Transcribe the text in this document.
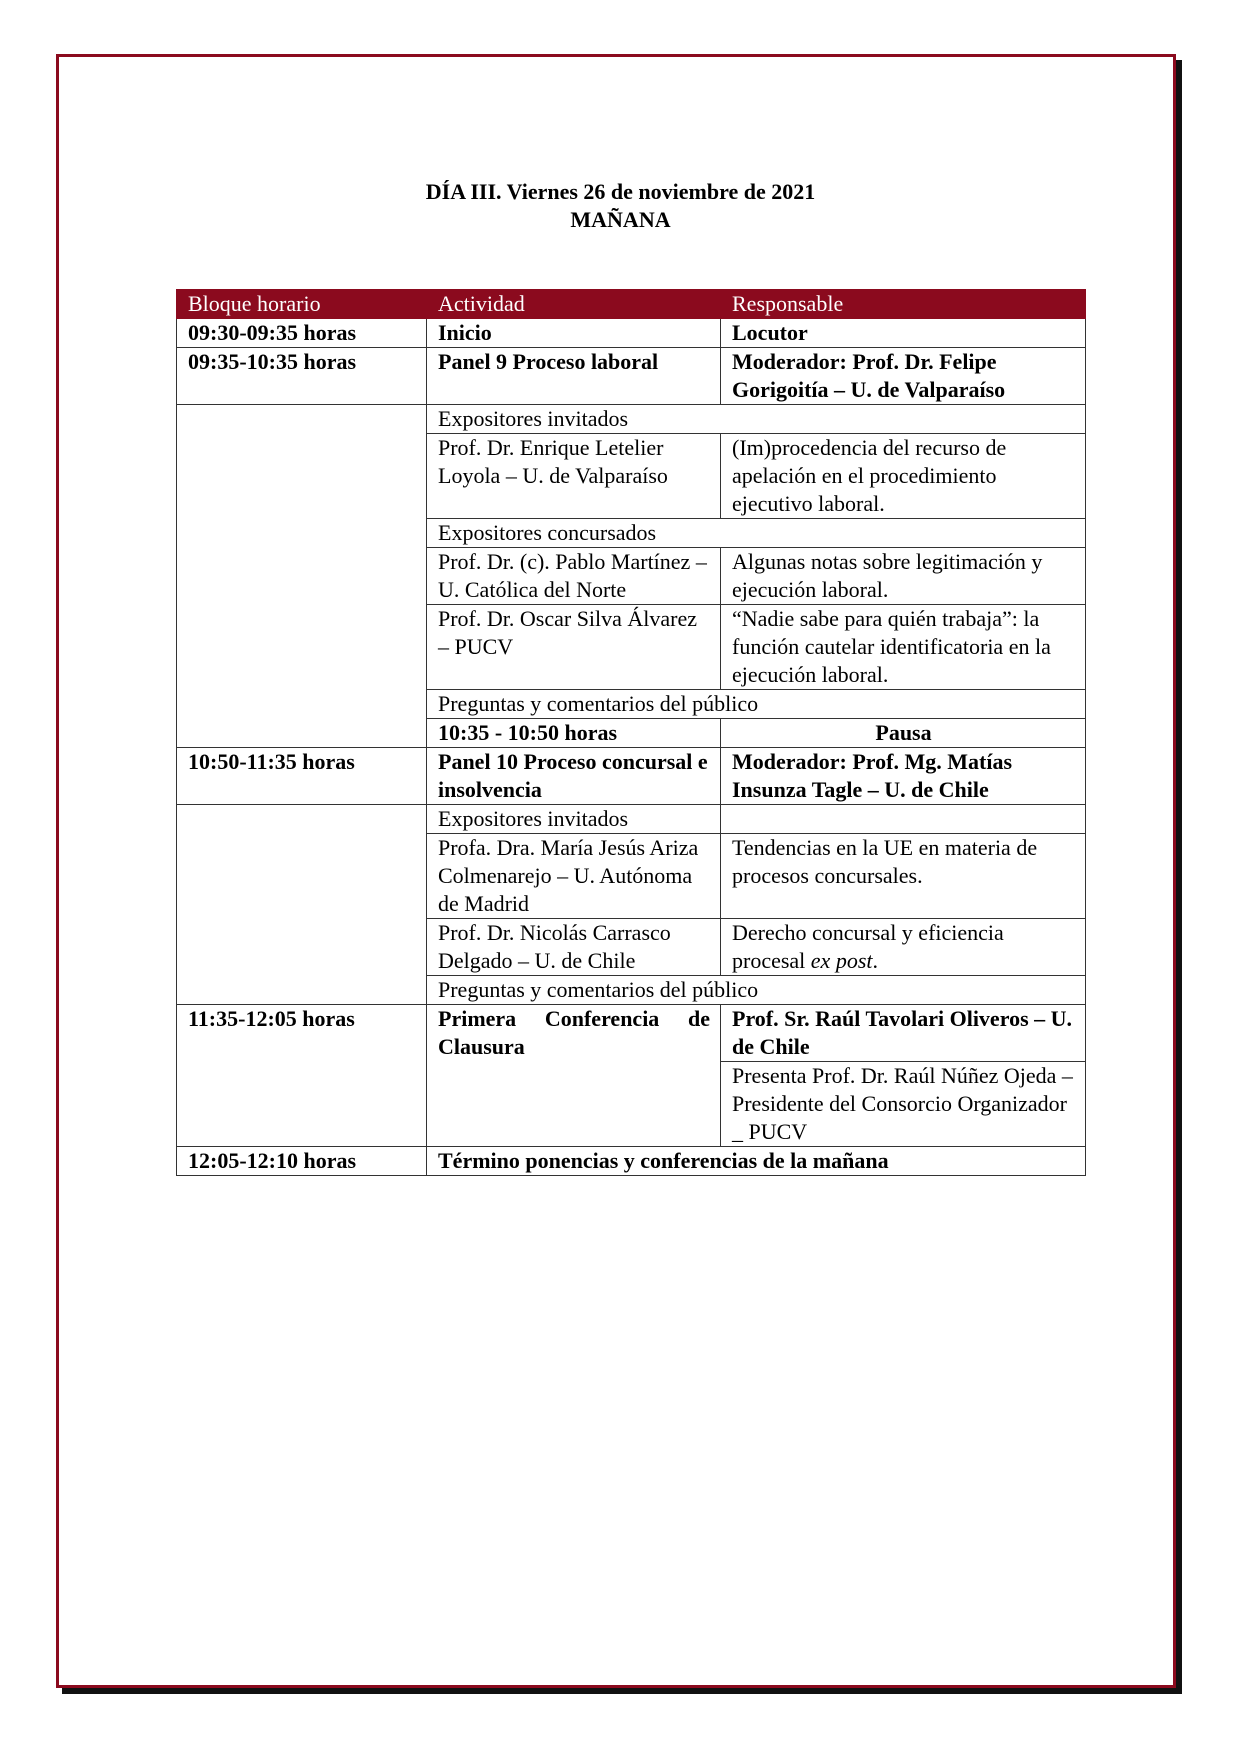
DÍA III. Viernes 26 de noviembre de 2021
MAÑANA
Bloque horario	Actividad	Responsable
09:30-09:35 horas	Inicio	Locutor
09:35-10:35 horas	Panel 9 Proceso laboral	Moderador: Prof. Dr. Felipe Gorigoitía – U. de Valparaíso
	Expositores invitados	
	Prof. Dr. Enrique Letelier Loyola – U. de Valparaíso	(Im)procedencia del recurso de apelación en el procedimiento ejecutivo laboral.
	Expositores concursados	
	Prof. Dr. (c). Pablo Martínez – U. Católica del Norte	Algunas notas sobre legitimación y ejecución laboral.
	Prof. Dr. Oscar Silva Álvarez – PUCV	“Nadie sabe para quién trabaja”: la función cautelar identificatoria en la ejecución laboral.
	Preguntas y comentarios del público	
	10:35 - 10:50 horas	Pausa
10:50-11:35 horas	Panel 10 Proceso concursal e insolvencia	Moderador: Prof. Mg. Matías Insunza Tagle – U. de Chile
	Expositores invitados	
	Profa. Dra. María Jesús Ariza Colmenarejo – U. Autónoma de Madrid	Tendencias en la UE en materia de procesos concursales.
	Prof. Dr. Nicolás Carrasco Delgado – U. de Chile	Derecho concursal y eficiencia procesal ex post.
	Preguntas y comentarios del público	
11:35-12:05 horas	Primera Conferencia de Clausura	Prof. Sr. Raúl Tavolari Oliveros – U. de Chile
		Presenta Prof. Dr. Raúl Núñez Ojeda – Presidente del Consorcio Organizador _ PUCV
12:05-12:10 horas	Término ponencias y conferencias de la mañana	
